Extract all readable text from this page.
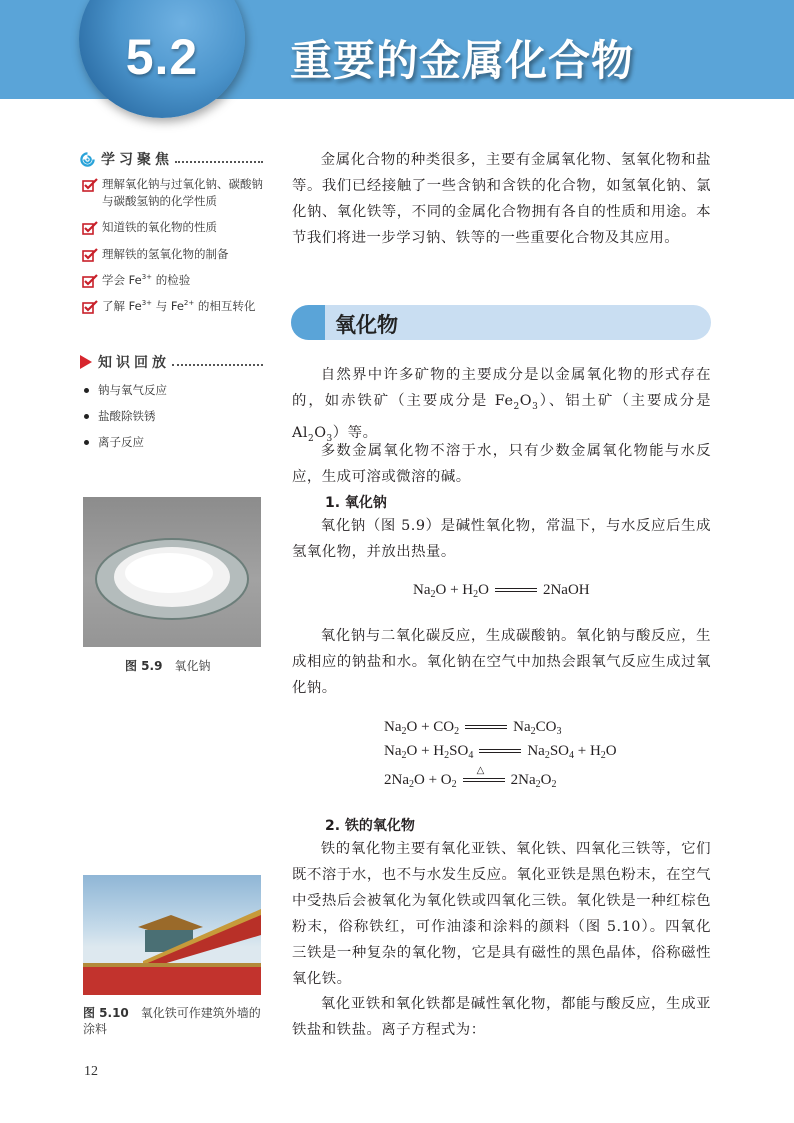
5.2	重要的金属化合物
学习聚焦
理解氧化钠与过氧化钠、碳酸钠与碳酸氢钠的化学性质
知道铁的氧化物的性质
理解铁的氢氧化物的制备
学会 $Fe^{3+}$ 的检验
了解 $Fe^{3+}$ 与 $Fe^{2+}$ 的相互转化
知识回放
钠与氧气反应
盐酸除铁锈
离子反应
图 5.9 氧化钠
图 5.10 氧化铁可作建筑外墙的涂料
金属化合物的种类很多，主要有金属氧化物、氢氧化物和盐等。我们已经接触了一些含钠和含铁的化合物，如氢氧化钠、氯化钠、氧化铁等，不同的金属化合物拥有各自的性质和用途。本节我们将进一步学习钠、铁等的一些重要化合物及其应用。
氧化物
自然界中许多矿物的主要成分是以金属氧化物的形式存在的，如赤铁矿（主要成分是 $Fe_2O_3$）、铝土矿（主要成分是 $Al_2O_3$）等。
多数金属氧化物不溶于水，只有少数金属氧化物能与水反应，生成可溶或微溶的碱。
1. 氧化钠
氧化钠（图 5.9）是碱性氧化物，常温下，与水反应后生成氢氧化物，并放出热量。
$Na_2O + H_2O$	2NaOH
氧化钠与二氧化碳反应，生成碳酸钠。氧化钠与酸反应，生成相应的钠盐和水。氧化钠在空气中加热会跟氧气反应生成过氧化钠。
$Na_2O + CO_2$	$Na_2CO_3$
$Na_2O + H_2SO_4$	$Na_2SO_4 + H_2O$
$2Na_2O + O_2$
△
$2Na_2O_2$
2. 铁的氧化物
铁的氧化物主要有氧化亚铁、氧化铁、四氧化三铁等，它们既不溶于水，也不与水发生反应。氧化亚铁是黑色粉末，在空气中受热后会被氧化为氧化铁或四氧化三铁。氧化铁是一种红棕色粉末，俗称铁红，可作油漆和涂料的颜料（图 5.10）。四氧化三铁是一种复杂的氧化物，它是具有磁性的黑色晶体，俗称磁性氧化铁。
氧化亚铁和氧化铁都是碱性氧化物，都能与酸反应，生成亚铁盐和铁盐。离子方程式为：
12
